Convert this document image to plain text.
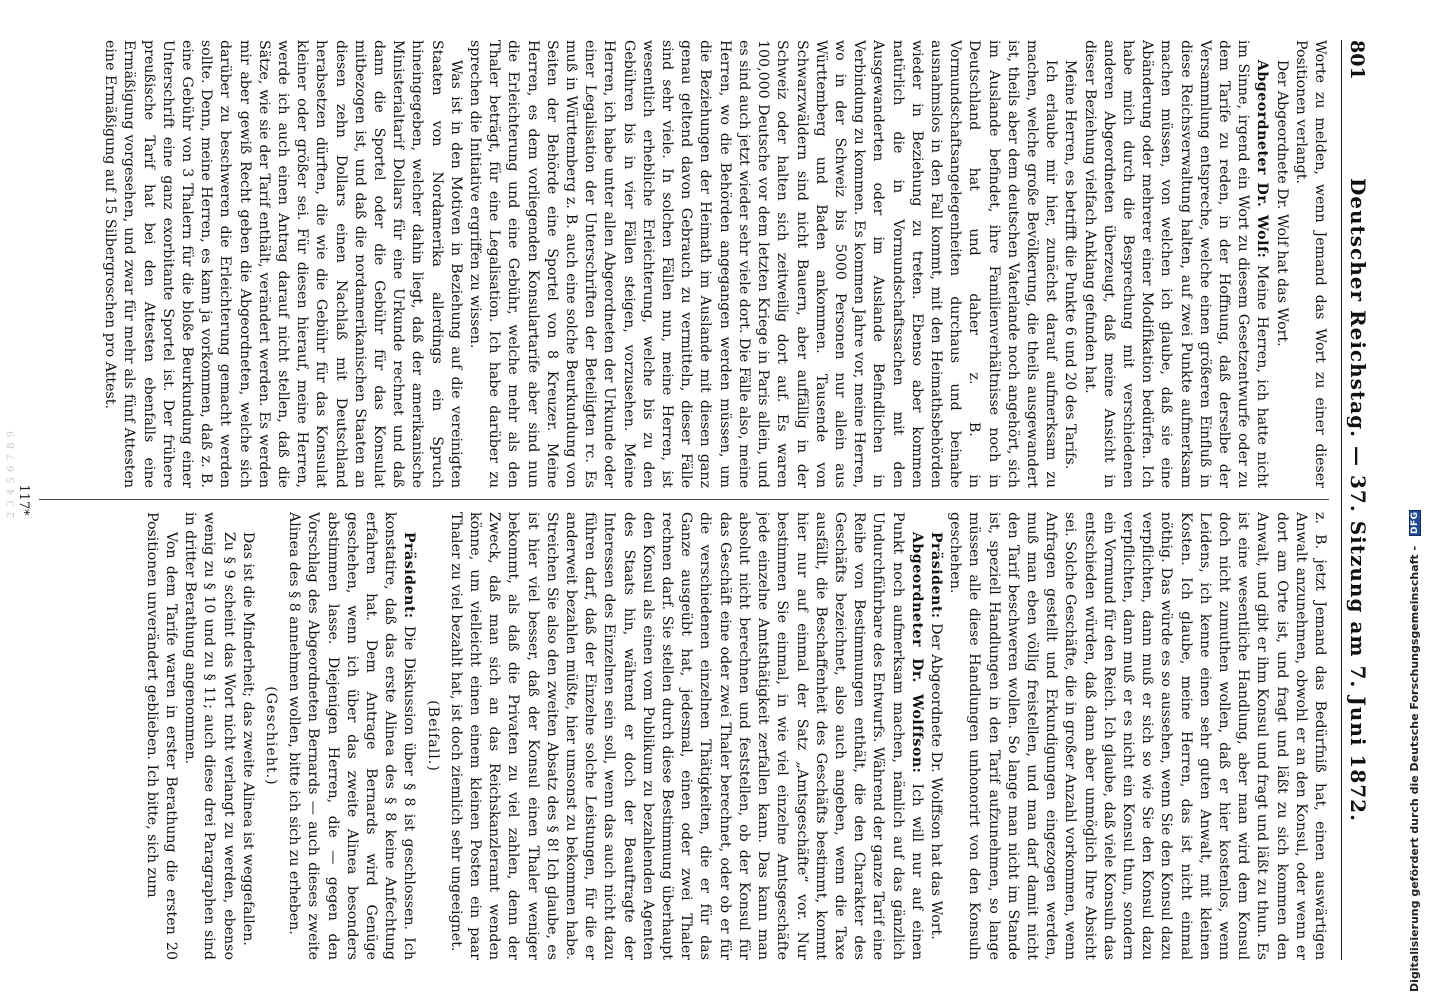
2 3 4 5 6 7 8 9
Digitalisierung gefördert durch die Deutsche Forschungsgemeinschaft - DFG
801
Deutscher Reichstag. — 37. Sitzung am 7. Juni 1872.

Worte zu melden, wenn Jemand das Wort zu einer dieser Positionen verlangt.

Der Abgeordnete Dr. Wolf hat das Wort.

Abgeordneter Dr. Wolf: Meine Herren, ich hatte nicht im Sinne, irgend ein Wort zu diesem Gesetzentwurfe oder zu dem Tarife zu reden, in der Hoffnung, daß derselbe der Versammlung entspreche, welche einen größeren Einfluß in diese Reichsverwaltung halten, auf zwei Punkte aufmerksam machen müssen, von welchen ich glaube, daß sie eine Abänderung oder mehrerer einer Modifikation bedürfen. Ich habe mich durch die Besprechung mit verschiedenen anderen Abgeordneten überzeugt, daß meine Ansicht in dieser Beziehung vielfach Anklang gefunden hat.

Meine Herren, es betrifft die Punkte 6 und 20 des Tarifs.

Ich erlaube mir hier, zunächst darauf aufmerksam zu machen, welche große Bevölkerung, die theils ausgewandert ist, theils aber dem deutschen Vaterlande noch angehört, sich im Auslande befindet, ihre Familienverhältnisse noch in Deutschland hat und daher z. B. in Vormundschaftsangelegenheiten durchaus und beinahe ausnahmslos in den Fall kommt, mit den Heimathsbehörden wieder in Beziehung zu treten. Ebenso aber kommen natürlich die in Vormundschaftssachen mit den Ausgewanderten oder im Auslande Befindlichen in Verbindung zu kommen. Es kommen Jahre vor, meine Herren, wo in der Schweiz bis 5000 Personen nur allein aus Württemberg und Baden ankommen. Tausende von Schwarzwäldern sind nicht Bauern, aber auffällig in der Schweiz oder halten sich zeitweilig dort auf. Es waren 100,000 Deutsche vor dem letzten Kriege in Paris allein, und es sind auch jetzt wieder sehr viele dort. Die Fälle also, meine Herren, wo die Behörden angegangen werden müssen, um die Beziehungen der Heimath im Auslande mit diesen ganz genau geltend davon Gebrauch zu vermitteln, dieser Fälle sind sehr viele. In solchen Fällen nun, meine Herren, ist wesentlich erhebliche Erleichterung, welche bis zu den Gebühren bis in vier Fällen steigen, vorzusehen. Meine Herren, ich habe unter allen Abgeordneten der Urkunde oder einer Legalisation der Unterschriften der Beteiligten rc. Es muß in Württemberg z. B. auch eine solche Beurkundung von Seiten der Behörde eine Sportel von 8 Kreuzer. Meine Herren, es dem vorliegenden Konsulartarife aber sind nun die Erleichterung und eine Gebühr, welche mehr als den Thaler beträgt, für eine Legalisation. Ich habe darüber zu sprechen die Initiative ergriffen zu wissen.

Was ist in den Motiven in Beziehung auf die vereinigten Staaten von Nordamerika allerdings ein Spruch hineingegeben, welcher dahin liegt, daß der amerikanische Ministerialtarif Dollars für eine Urkunde rechnet und daß dann die Sportel oder die Gebühr für das Konsulat mitbezogen ist, und daß die nordamerikanischen Staaten an diesen zehn Dollars einen Nachlaß mit Deutschland herabsetzen dürften, die wie die Gebühr für das Konsulat kleiner oder größer sei. Für diesen hierauf, meine Herren, werde ich auch einen Antrag darauf nicht stellen, daß die Sätze, wie sie der Tarif enthält, verändert werden. Es werden mir aber gewiß Recht geben die Abgeordneten, welche sich darüber zu beschweren die Erleichterung gemacht werden sollte. Denn, meine Herren, es kann ja vorkommen, daß z. B. eine Gebühr von 3 Thalern für die bloße Beurkundung einer Unterschrift eine ganz exorbitante Sportel ist. Der frühere preußische Tarif hat bei den Attesten ebenfalls eine Ermäßigung vorgesehen, und zwar für mehr als fünf Attesten eine Ermäßigung auf 15 Silbergroschen pro Attest.

z. B. jetzt Jemand das Bedürfniß hat, einen auswärtigen Anwalt anzunehmen, obwohl er an den Konsul, oder wenn er dort am Orte ist, und fragt und läßt zu sich kommen den Anwalt, und gibt er ihm Konsul und fragt und läßt zu thun. Es ist eine wesentliche Handlung, aber man wird dem Konsul doch nicht zumuthen wollen, daß er hier kostenlos, wenn Leidens, ich kenne einen sehr guten Anwalt, mit kleinen Kosten. Ich glaube, meine Herren, das ist nicht einmal nöthig. Das würde es so aussehen, wenn Sie den Konsul dazu verpflichten, dann muß er sich so wie Sie den Konsul dazu verpflichten, dann muß er es nicht ein Konsul thun, sondern ein Vormund für den Reich. Ich glaube, daß viele Konsuln das entschieden würden, daß dann aber unmöglich Ihre Absicht sei. Solche Geschäfte, die in großer Anzahl vorkommen, wenn Anfragen gestellt und Erkundigungen eingezogen werden, muß man eben völlig freistellen, und man darf damit nicht den Tarif beschweren wollen. So lange man nicht im Stande ist, speziell Handlungen in den Tarif aufzunehmen, so lange müssen alle diese Handlungen unhonorirt von den Konsuln geschehen.

Präsident: Der Abgeordnete Dr. Wolffson hat das Wort.

Abgeordneter Dr. Wolffson: Ich will nur auf einen Punkt noch aufmerksam machen, nämlich auf das gänzlich Undurchführbare des Entwurfs. Während der ganze Tarif eine Reihe von Bestimmungen enthält, die den Charakter des Geschäfts bezeichnet, also auch angeben, wenn die Taxe ausfällt, die Beschaffenheit des Geschäfts bestimmt, kommt hier nur auf einmal der Satz „Amtsgeschäfte“ vor. Nur bestimmen Sie einmal, in wie viel einzelne Amtsgeschäfte jede einzelne Amtsthätigkeit zerfallen kann. Das kann man absolut nicht berechnen und feststellen, ob der Konsul für das Geschäft eine oder zwei Thaler berechnet, oder ob er für die verschiedenen einzelnen Thätigkeiten, die er für das Ganze ausgeübt hat, jedesmal, einen oder zwei Thaler rechnen darf. Sie stellen durch diese Bestimmung überhaupt den Konsul als einen vom Publikum zu bezahlenden Agenten des Staats hin, während er doch der Beauftragte der Interessen des Einzelnen sein soll, wenn das auch nicht dazu führen darf, daß der Einzelne solche Leistungen, für die er anderweit bezahlen müßte, hier umsonst zu bekommen habe. Streichen Sie also den zweiten Absatz des § 8! Ich glaube, es ist hier viel besser, daß der Konsul einen Thaler weniger bekommt, als daß die Privaten zu viel zahlen, denn der Zweck, daß man sich an das Reichskanzleramt wenden könne, um vielleicht einen einem kleinen Posten ein paar Thaler zu viel bezahlt hat, ist doch ziemlich sehr ungeeignet.

(Beifall.)

Präsident: Die Diskussion über § 8 ist geschlossen. Ich konstatire, daß das erste Alinea des § 8 keine Anfechtung erfahren hat. Dem Antrage Bernards wird Genüge geschehen, wenn ich über das zweite Alinea besonders abstimmen lasse. Diejenigen Herren, die — gegen den Vorschlag des Abgeordneten Bernards — auch dieses zweite Alinea des § 8 annehmen wollen, bitte ich sich zu erheben.

(Geschieht.)

Das ist die Minderheit; das zweite Alinea ist weggefallen.

Zu § 9 scheint das Wort nicht verlangt zu werden, ebenso wenig zu § 10 und zu § 11; auch diese drei Paragraphen sind in dritter Berathung angenommen.

Von dem Tarife waren in erster Berathung die ersten 20 Positionen unverändert geblieben. Ich bitte, sich zum

117*
